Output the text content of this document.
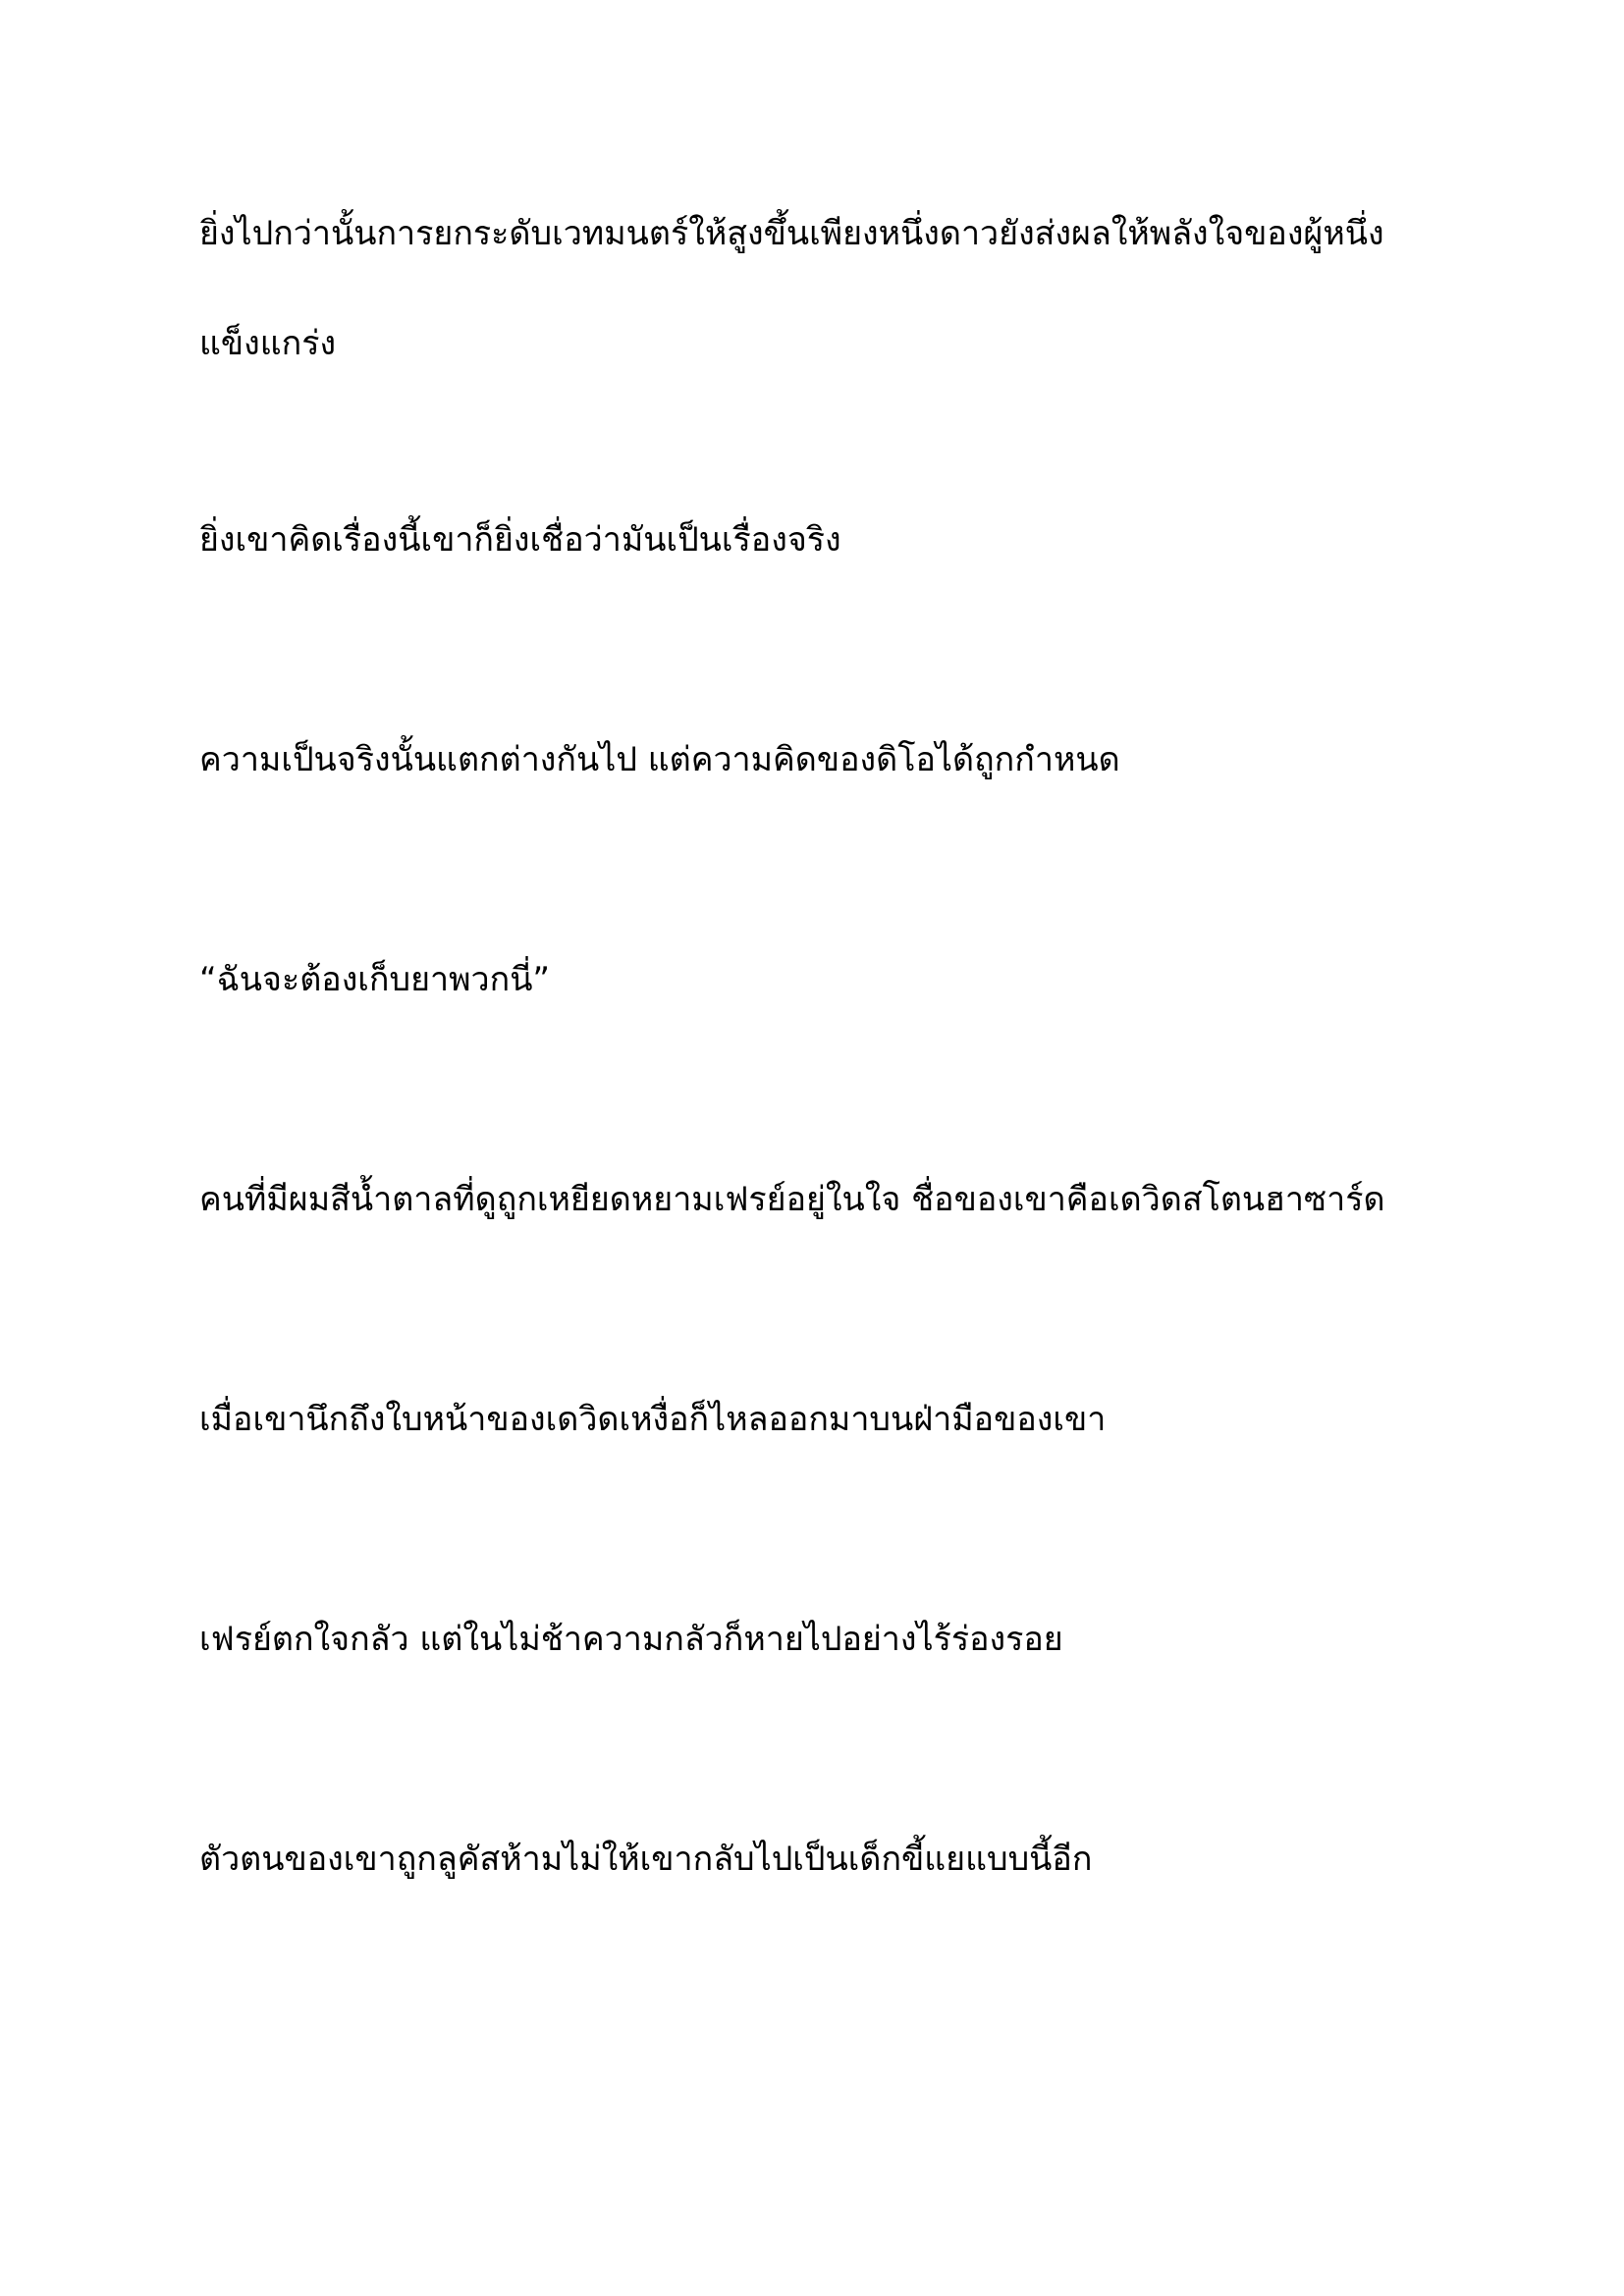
ยิ่งไปกว่านั้นการยกระดับเวทมนตร์ให้สูงขึ้นเพียงหนึ่งดาวยังส่งผลให้พลังใจของผู้หนึ่งแข็งแกร่ง

ยิ่งเขาคิดเรื่องนี้เขาก็ยิ่งเชื่อว่ามันเป็นเรื่องจริง

ความเป็นจริงนั้นแตกต่างกันไป แต่ความคิดของดิโอได้ถูกกำหนด

“ฉันจะต้องเก็บยาพวกนี่”

คนที่มีผมสีน้ำตาลที่ดูถูกเหยียดหยามเฟรย์อยู่ในใจ ชื่อของเขาคือเดวิดสโตนฮาซาร์ด

เมื่อเขานึกถึงใบหน้าของเดวิดเหงื่อก็ไหลออกมาบนฝ่ามือของเขา

เฟรย์ตกใจกลัว แต่ในไม่ช้าความกลัวก็หายไปอย่างไร้ร่องรอย

ตัวตนของเขาถูกลูคัสห้ามไม่ให้เขากลับไปเป็นเด็กขี้แยแบบนี้อีก
